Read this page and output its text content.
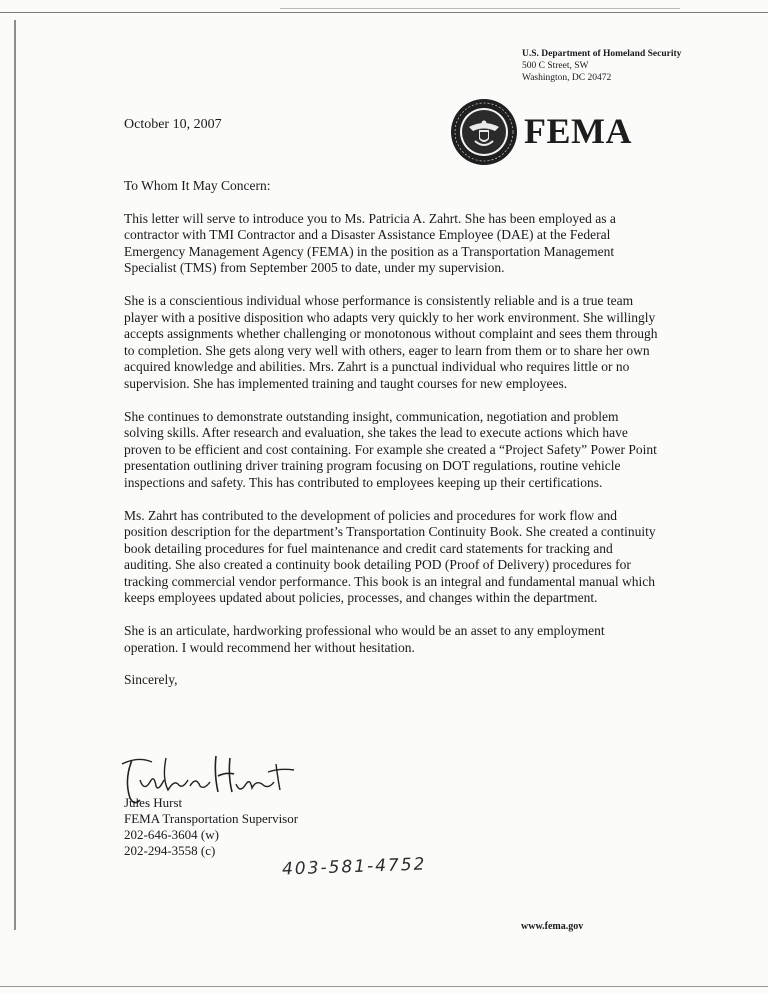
U.S. Department of Homeland Security
500 C Street, SW
Washington, DC 20472
October 10, 2007	FEMA

To Whom It May Concern:

This letter will serve to introduce you to Ms. Patricia A. Zahrt. She has been employed as a contractor with TMI Contractor and a Disaster Assistance Employee (DAE) at the Federal Emergency Management Agency (FEMA) in the position as a Transportation Management Specialist (TMS) from September 2005 to date, under my supervision.

She is a conscientious individual whose performance is consistently reliable and is a true team player with a positive disposition who adapts very quickly to her work environment. She willingly accepts assignments whether challenging or monotonous without complaint and sees them through to completion. She gets along very well with others, eager to learn from them or to share her own acquired knowledge and abilities. Mrs. Zahrt is a punctual individual who requires little or no supervision. She has implemented training and taught courses for new employees.

She continues to demonstrate outstanding insight, communication, negotiation and problem solving skills. After research and evaluation, she takes the lead to execute actions which have proven to be efficient and cost containing. For example she created a “Project Safety” Power Point presentation outlining driver training program focusing on DOT regulations, routine vehicle inspections and safety. This has contributed to employees keeping up their certifications.

Ms. Zahrt has contributed to the development of policies and procedures for work flow and position description for the department’s Transportation Continuity Book. She created a continuity book detailing procedures for fuel maintenance and credit card statements for tracking and auditing. She also created a continuity book detailing POD (Proof of Delivery) procedures for tracking commercial vendor performance. This book is an integral and fundamental manual which keeps employees updated about policies, processes, and changes within the department.

She is an articulate, hardworking professional who would be an asset to any employment operation. I would recommend her without hesitation.

Sincerely,

Jules Hurst
FEMA Transportation Supervisor
202-646-3604 (w)
202-294-3558 (c)
403-581-4752
www.fema.gov
